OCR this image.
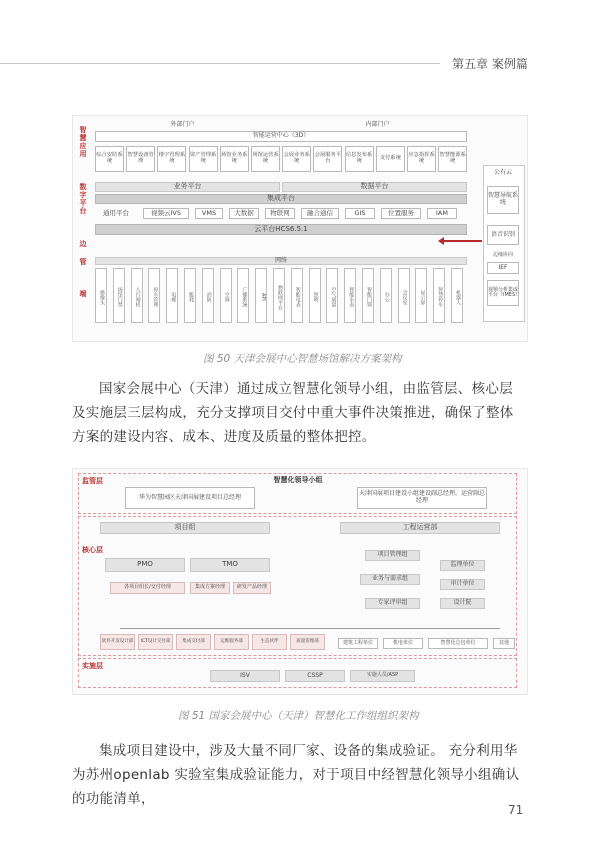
第五章 案例篇
智慧应用
数字平台
边
管
端
外部门户	内部门户
智能运营中心（3D）
综合安防系统
智慧设备管理
楼宇管理系统
资产管理系统
场馆业务系统
场馆运营系统
会展业务系统
会展服务平台
信息发布系统	支付系统	应急指挥系统
智慧能源系统
业务平台	数据平台
集成平台
通用平台	视频云IVS	VMS	大数据	物联网	融合通信	GIS	位置服务	IAM
云平台HCS6.5.1
网络
摄像头	场馆门禁	人行闸机	停车管理	电梯	能耗	消防	空调	广播系统	API	物联网平台	智能电表	照明	空气质量	智能水表	智能门锁	办公	会议室	显示屏	智慧停车	机器人
公有云
智慧导航系统
语音识别
边缘协同
IEF
视频分析集成平台（IMES）
图 50 天津会展中心智慧场馆解决方案架构
国家会展中心（天津）通过成立智慧化领导小组，由监管层、核心层及实施层三层构成，充分支撑项目交付中重大事件决策推进，确保了整体方案的建设内容、成本、进度及质量的整体把控。
监管层
核心层
实施层
智慧化领导小组
华为智慧园区天津国展建设项目总经理	天津国展项目建设小组建设副总经理，运营副总经理
项目组	工程运营部
PMO	TMO
各项目组长/交付经理	集成方案经理	研发产品经理
项目管理组
业务与需求组
专家评审组
监理单位
审计单位
设计院
软件开发设计部	ICT设计交付部	集成交付部	运维服务部	生态伙伴	质量管理部	建筑工程单位	机电单位	智慧化总包单位	其他
ISV	CSSP	实施人员/ASP
图 51 国家会展中心（天津）智慧化工作组组织架构
集成项目建设中，涉及大量不同厂家、设备的集成验证。 充分利用华为苏州openlab 实验室集成验证能力，对于项目中经智慧化领导小组确认的功能清单，
71
